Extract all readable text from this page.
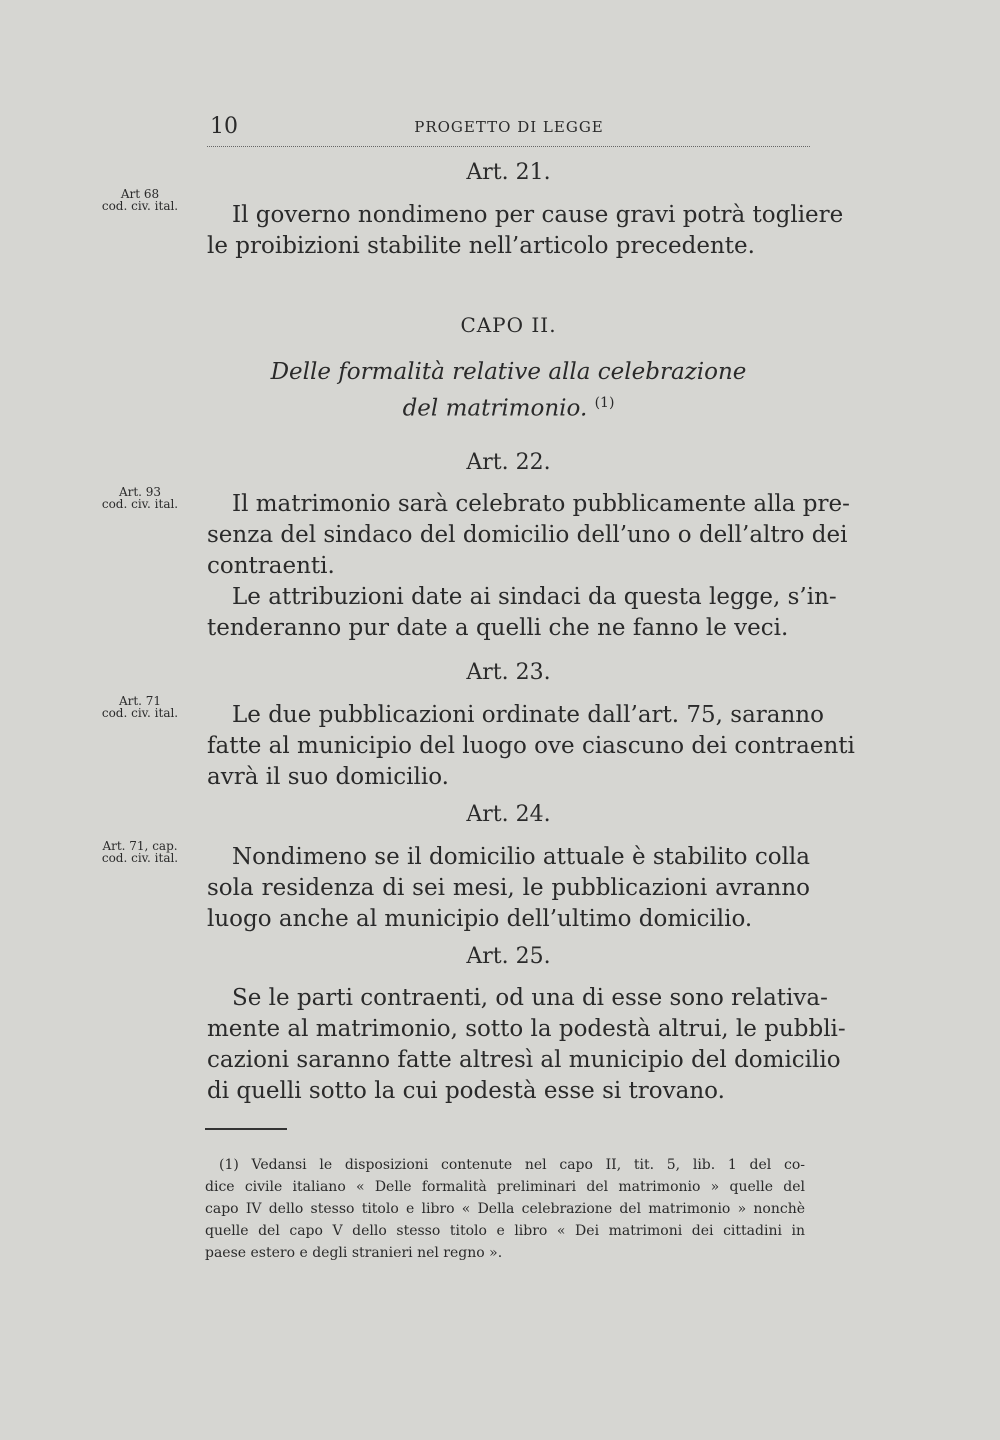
10	PROGETTO DI LEGGE
Art. 21.
Art 68
cod. civ. ital.	Il governo nondimeno per cause gravi potrà togliere
le proibizioni stabilite nell’articolo precedente.
CAPO II.
Delle formalità relative alla celebrazione
del matrimonio. $^{(1)}$
Art. 22.
Art. 93
cod. civ. ital.	Il matrimonio sarà celebrato pubblicamente alla pre-
senza del sindaco del domicilio dell’uno o dell’altro dei
contraenti.
Le attribuzioni date ai sindaci da questa legge, s’in-
tenderanno pur date a quelli che ne fanno le veci.
Art. 23.
Art. 71
cod. civ. ital.	Le due pubblicazioni ordinate dall’art. 75, saranno
fatte al municipio del luogo ove ciascuno dei contraenti
avrà il suo domicilio.
Art. 24.
Art. 71, cap.
cod. civ. ital.	Nondimeno se il domicilio attuale è stabilito colla
sola residenza di sei mesi, le pubblicazioni avranno
luogo anche al municipio dell’ultimo domicilio.
Art. 25.
Se le parti contraenti, od una di esse sono relativa-
mente al matrimonio, sotto la podestà altrui, le pubbli-
cazioni saranno fatte altresì al municipio del domicilio
di quelli sotto la cui podestà esse si trovano.
(1) Vedansi le disposizioni contenute nel capo II, tit. 5, lib. 1 del co-
dice civile italiano « Delle formalità preliminari del matrimonio » quelle del
capo IV dello stesso titolo e libro « Della celebrazione del matrimonio » nonchè
quelle del capo V dello stesso titolo e libro « Dei matrimoni dei cittadini in
paese estero e degli stranieri nel regno ».
